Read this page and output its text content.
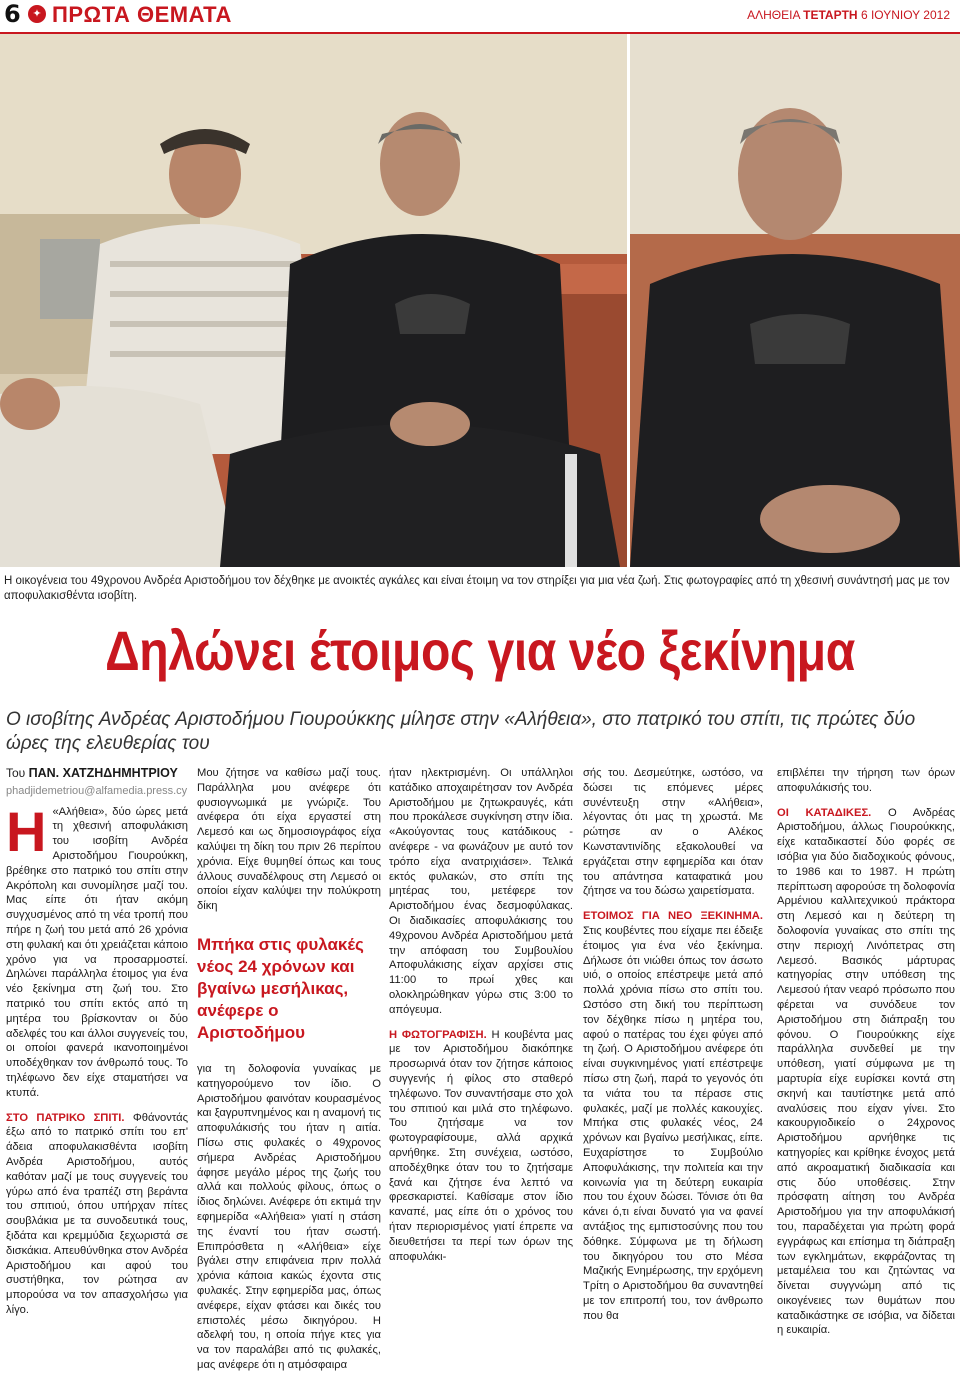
6	✦ ΠΡΩΤΑ ΘΕΜΑΤΑ	ΑΛΗΘΕΙΑ ΤΕΤΑΡΤΗ 6 ΙΟΥΝΙΟΥ 2012
Η οικογένεια του 49χρονου Ανδρέα Αριστοδήμου τον δέχθηκε με ανοικτές αγκάλες και είναι έτοιμη να τον στηρίξει για μια νέα ζωή. Στις φωτογραφίες από τη χθεσινή συνάντησή μας με τον αποφυλακισθέντα ισοβίτη.
Δηλώνει έτοιμος για νέο ξεκίνημα
Ο ισοβίτης Ανδρέας Αριστοδήμου Γιουρούκκης μίλησε στην «Αλήθεια», στο πατρικό του σπίτι, τις πρώτες δύο ώρες της ελευθερίας του

Του ΠΑΝ. ΧΑΤΖΗΔΗΜΗΤΡΙΟΥ
phadjidemetriou@alfamedia.press.cy

Η «Αλήθεια», δύο ώρες μετά τη χθεσινή αποφυλάκιση του ισοβίτη Ανδρέα Αριστοδήμου Γιουρούκκη, βρέθηκε στο πατρικό του σπίτι στην Ακρόπολη και συνομίλησε μαζί του. Μας είπε ότι ήταν ακόμη συγχυσμένος από τη νέα τροπή που πήρε η ζωή του μετά από 26 χρόνια στη φυλακή και ότι χρειάζεται κάποιο χρόνο για να προσαρμοστεί. Δηλώνει παράλληλα έτοιμος για ένα νέο ξεκίνημα στη ζωή του. Στο πατρικό του σπίτι εκτός από τη μητέρα του βρίσκονταν οι δύο αδελφές του και άλλοι συγγενείς του, οι οποίοι φανερά ικανοποιημένοι υποδέχθηκαν τον άνθρωπό τους. Το τηλέφωνο δεν είχε σταματήσει να κτυπά.

ΣΤΟ ΠΑΤΡΙΚΟ ΣΠΙΤΙ. Φθάνοντάς έξω από το πατρικό σπίτι του επ' άδεια αποφυλακισθέντα ισοβίτη Ανδρέα Αριστοδήμου, αυτός καθόταν μαζί με τους συγγενείς του γύρω από ένα τραπέζι στη βεράντα του σπιτιού, όπου υπήρχαν πίτες σουβλάκια με τα συνοδευτικά τους, ξιδάτα και κρεμμύδια ξεχωριστά σε δισκάκια. Απευθύνθηκα στον Ανδρέα Αριστοδήμου και αφού του συστήθηκα, τον ρώτησα αν μπορούσα να τον απασχολήσω για λίγο.

Μου ζήτησε να καθίσω μαζί τους. Παράλληλα μου ανέφερε ότι φυσιογνωμικά με γνώριζε. Του ανέφερα ότι είχα εργαστεί στη Λεμεσό και ως δημοσιογράφος είχα καλύψει τη δίκη του πριν 26 περίπου χρόνια. Είχε θυμηθεί όπως και τους άλλους συναδέλφους στη Λεμεσό οι οποίοι είχαν καλύψει την πολύκροτη δίκη

Μπήκα στις φυλακές νέος 24 χρόνων και βγαίνω μεσήλικας, ανέφερε ο Αριστοδήμου

για τη δολοφονία γυναίκας με κατηγορούμενο τον ίδιο. Ο Αριστοδήμου φαινόταν κουρασμένος και ξαγρυπνημένος και η αναμονή τις αποφυλάκισής του ήταν η αιτία. Πίσω στις φυλακές ο 49χρονος σήμερα Ανδρέας Αριστοδήμου άφησε μεγάλο μέρος της ζωής του αλλά και πολλούς φίλους, όπως ο ίδιος δηλώνει. Ανέφερε ότι εκτιμά την εφημερίδα «Αλήθεια» γιατί η στάση της έναντί του ήταν σωστή. Επιπρόσθετα η «Αλήθεια» είχε βγάλει στην επιφάνεια πριν πολλά χρόνια κάποια κακώς έχοντα στις φυλακές. Στην εφημερίδα μας, όπως ανέφερε, είχαν φτάσει και δικές του επιστολές μέσω δικηγόρου. Η αδελφή του, η οποία πήγε κτες για να τον παραλάβει από τις φυλακές, μας ανέφερε ότι η ατμόσφαιρα

ήταν ηλεκτρισμένη. Οι υπάλληλοι κατάδικο αποχαιρέτησαν τον Ανδρέα Αριστοδήμου με ζητωκραυγές, κάτι που προκάλεσε συγκίνηση στην ίδια. «Ακούγοντας τους κατάδικους - ανέφερε - να φωνάζουν με αυτό τον τρόπο είχα ανατριχιάσει». Τελικά εκτός φυλακών, στο σπίτι της μητέρας του, μετέφερε τον Αριστοδήμου ένας δεσμοφύλακας. Οι διαδικασίες αποφυλάκισης του 49χρονου Ανδρέα Αριστοδήμου μετά την απόφαση του Συμβουλίου Αποφυλάκισης είχαν αρχίσει στις 11:00 το πρωί χθες και ολοκληρώθηκαν γύρω στις 3:00 το απόγευμα.

Η ΦΩΤΟΓΡΑΦΙΣΗ. Η κουβέντα μας με τον Αριστοδήμου διακόπηκε προσωρινά όταν τον ζήτησε κάποιος συγγενής ή φίλος στο σταθερό τηλέφωνο. Τον συναντήσαμε στο χολ του σπιτιού και μιλά στο τηλέφωνο. Του ζητήσαμε να τον φωτογραφίσουμε, αλλά αρχικά αρνήθηκε. Στη συνέχεια, ωστόσο, αποδέχθηκε όταν του το ζητήσαμε ξανά και ζήτησε ένα λεπτό να φρεσκαριστεί. Καθίσαμε στον ίδιο καναπέ, μας είπε ότι ο χρόνος του ήταν περιορισμένος γιατί έπρεπε να διευθετήσει τα περί των όρων της αποφυλάκι-

σής του. Δεσμεύτηκε, ωστόσο, να δώσει τις επόμενες μέρες συνέντευξη στην «Αλήθεια», λέγοντας ότι μας τη χρωστά. Με ρώτησε αν ο Αλέκος Κωνσταντινίδης εξακολουθεί να εργάζεται στην εφημερίδα και όταν του απάντησα καταφατικά μου ζήτησε να του δώσω χαιρετίσματα.

ΕΤΟΙΜΟΣ ΓΙΑ ΝΕΟ ΞΕΚΙΝΗΜΑ. Στις κουβέντες που είχαμε πει έδειξε έτοιμος για ένα νέο ξεκίνημα. Δήλωσε ότι νιώθει όπως τον άσωτο υιό, ο οποίος επέστρεψε μετά από πολλά χρόνια πίσω στο σπίτι του. Ωστόσο στη δική του περίπτωση τον δέχθηκε πίσω η μητέρα του, αφού ο πατέρας του έχει φύγει από τη ζωή. Ο Αριστοδήμου ανέφερε ότι είναι συγκινημένος γιατί επέστρεψε πίσω στη ζωή, παρά το γεγονός ότι τα νιάτα του τα πέρασε στις φυλακές, μαζί με πολλές κακουχίες. Μπήκα στις φυλακές νέος, 24 χρόνων και βγαίνω μεσήλικας, είπε. Ευχαρίστησε το Συμβούλιο Αποφυλάκισης, την πολιτεία και την κοινωνία για τη δεύτερη ευκαιρία που του έχουν δώσει. Τόνισε ότι θα κάνει ό,τι είναι δυνατό για να φανεί αντάξιος της εμπιστοσύνης που του δόθηκε. Σύμφωνα με τη δήλωση του δικηγόρου του στο Μέσα Μαζικής Ενημέρωσης, την ερχόμενη Τρίτη ο Αριστοδήμου θα συναντηθεί με τον επιτροπή του, τον άνθρωπο που θα

επιβλέπει την τήρηση των όρων αποφυλάκισής του.

ΟΙ ΚΑΤΑΔΙΚΕΣ. Ο Ανδρέας Αριστοδήμου, άλλως Γιουρούκκης, είχε καταδικαστεί δύο φορές σε ισόβια για δύο διαδοχικούς φόνους, το 1986 και το 1987. Η πρώτη περίπτωση αφορούσε τη δολοφονία Αρμένιου καλλιτεχνικού πράκτορα στη Λεμεσό και η δεύτερη τη δολοφονία γυναίκας στο σπίτι της στην περιοχή Λινόπετρας στη Λεμεσό. Βασικός μάρτυρας κατηγορίας στην υπόθεση της Λεμεσού ήταν νεαρό πρόσωπο που φέρεται να συνόδευε τον Αριστοδήμου στη διάπραξη του φόνου. Ο Γιουρούκκης είχε παράλληλα συνδεθεί με την υπόθεση, γιατί σύμφωνα με τη μαρτυρία είχε ευρίσκει κοντά στη σκηνή και ταυτίστηκε μετά από αναλύσεις που είχαν γίνει. Στο κακουργιοδικείο ο 24χρονος Αριστοδήμου αρνήθηκε τις κατηγορίες και κρίθηκε ένοχος μετά από ακροαματική διαδικασία και στις δύο υποθέσεις. Στην πρόσφατη αίτηση του Ανδρέα Αριστοδήμου για την αποφυλάκισή του, παραδέχεται για πρώτη φορά εγγράφως και επίσημα τη διάπραξη των εγκλημάτων, εκφράζοντας τη μεταμέλεια του και ζητώντας να δίνεται συγγνώμη από τις οικογένειες των θυμάτων που καταδικάστηκε σε ισόβια, να δίδεται η ευκαιρία.
